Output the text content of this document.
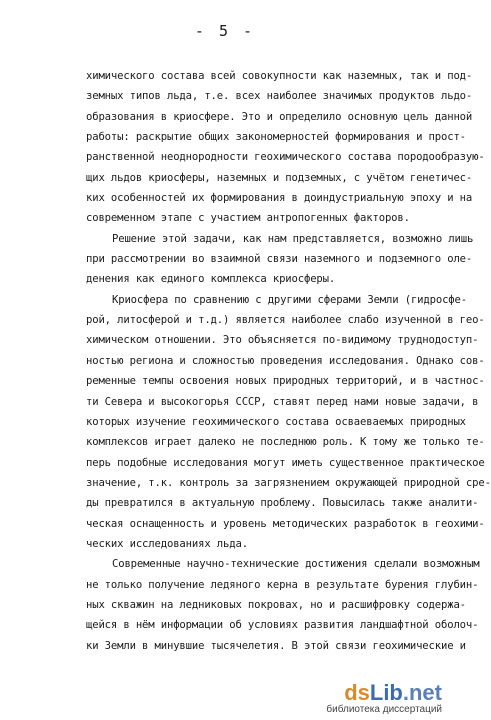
- 5 -
химического состава всей совокупности как наземных, так и под-
земных типов льда, т.е. всех наиболее значимых продуктов льдо-
образования в криосфере. Это и определило основную цель данной
работы: раскрытие общих закономерностей формирования и прост-
ранственной неоднородности геохимического состава породообразую-
щих льдов криосферы, наземных и подземных, с учётом генетичес-
ких особенностей их формирования в доиндустриальную эпоху и на
современном этапе с участием антропогенных факторов.
Решение этой задачи, как нам представляется, возможно лишь
при рассмотрении во взаимной связи наземного и подземного оле-
денения как единого комплекса криосферы.
Криосфера по сравнению с другими сферами Земли (гидросфе-
рой, литосферой и т.д.) является наиболее слабо изученной в гео-
химическом отношении. Это объясняется по-видимому труднодоступ-
ностью региона и сложностью проведения исследования. Однако сов-
ременные темпы освоения новых природных территорий, и в частнос-
ти Севера и высокогорья СССР, ставят перед нами новые задачи, в
которых изучение геохимического состава осваеваемых природных
комплексов играет далеко не последнюю роль. К тому же только те-
перь подобные исследования могут иметь существенное практическое
значение, т.к. контроль за загрязнением окружающей природной сре-
ды превратился в актуальную проблему. Повысилась также аналити-
ческая оснащенность и уровень методических разработок в геохими-
ческих исследованиях льда.
Современные научно-технические достижения сделали возможным
не только получение ледяного керна в результате бурения глубин-
ных скважин на ледниковых покровах, но и расшифровку содержа-
щейся в нём информации об условиях развития ландшафтной оболоч-
ки Земли в минувшие тысячелетия. В этой связи геохимические и
dsLib.net
библиотека диссертаций
